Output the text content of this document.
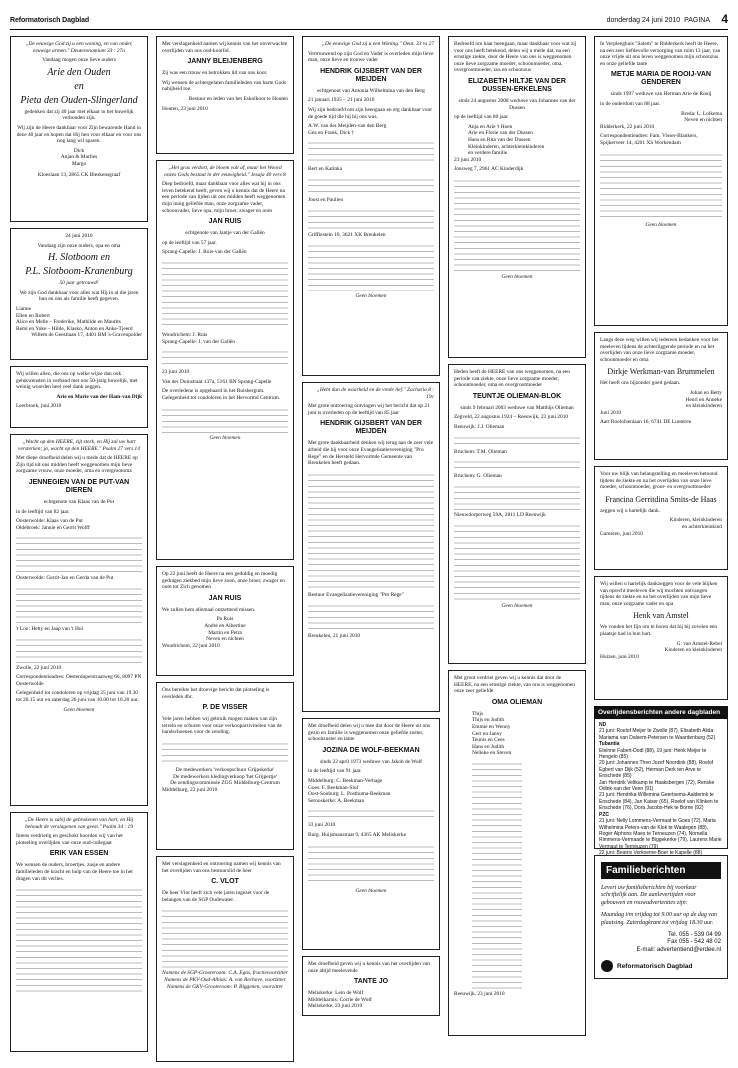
Reformatorisch Dagblad	donderdag 24 juni 2010 PAGINA 4

„De eeuwige God zij u een woning, en van onder, eeuwige armen." Deuteronomium 33 : 27a

Vandaag mogen onze lieve ouders

Arie den Ouden
en
Pieta den Ouden-Slingerland

gedenken dat zij 40 jaar met elkaar in het huwelijk verbonden zijn.

Wij zijn de Heere dankbaar voor Zijn bewarende Hand in deze 40 jaar en hopen dat Hij hen voor elkaar en voor ons nog lang wil sparen.

Dick
Anjan & Marlies
Margo

Kloeslaan 13, 2865 CK Bleskensgraaf

24 juni 2010

Vandaag zijn onze ouders, opa en oma

H. Slotboom en
P.L. Slotboom-Kranenburg

50 jaar getrouwd!

We zijn God dankbaar voor alles wat Hij in al die jaren hun en ons als familie heeft gegeven.

Lianne
Ellen en Robert
Alice en Melle – Frederike, Mathilde en Maurits
Remi en Yoke – Hilde, Klasko, Anton en Anke-Tjeerd

Willem de Geestlaan 17, 4401 BM 's-Gravenpolder

Wij willen allen, die ons op welke wijze dan ook gelukwensten in verband met ons 50-jarig huwelijk, met weinig woorden heel veel dank zeggen.

Arie en Marie van der Ham-van Dijk

Leerbroek, juni 2010

„Wacht op den HEERE, zijt sterk, en Hij zal uw hart versterken; ja, wacht op den HEERE." Psalm 27 vers 14

Met diepe droefheid delen wij u mede dat de HEERE op Zijn tijd uit ons midden heeft weggenomen mijn lieve zorgzame vrouw, onze moeder, oma en overgrootoma

JENNEGIEN VAN DE PUT-VAN DIEREN

echtgenote van Klaas van de Put

in de leeftijd van 82 jaar.

Oosterwolde: Klaas van de Put
Oldebroek: Jannie en Gerrit Wolff
Oosterwolde: Gerrit-Jan en Gerda van de Put
't Loo: Hetty en Jaap van 't Hul

Zwolle, 22 juni 2010

Correspondentieadres: Oesterdoperstraatweg 66, 8097 PN Oosterwolde

Gelegenheid tot condoleren op vrijdag 25 juni van 19.30 tot 20.15 uur en zaterdag 26 juni van 10.00 tot 10.20 uur.

Geen bloemen

„De Heere is sabij de gebrokenen van hart, en Hij behoudt de verslagenen van geest." Psalm 34 : 19

Intens verdrietig en geschokt hoorden wij van het plotseling overlijden van onze oud-collegaat

ERIK VAN ESSEN

We wensen de ouders, broertjes, zusje en andere familieleden de kracht en hulp van de Heere toe in het dragen van dit verlies.

Met verslagenheid namen wij kennis van het onverwachte overlijden van ons oud-koorlid.

JANNY BLEIJENBERG

Zij was een trouw en betrokken lid van ons koor.

Wij wensen de achtergelaten familieleden van harte Gods nabijheid toe.

Bestuur en leden van het Eskolkoor te Houten

Houten, 23 juni 2010

„Het gras verdort, de bloem valt af, maar het Woord onzes Gods bestaat in der eeuwigheid." Jesaja 40 vers 8

Diep bedroefd, maar dankbaar voor alles wat hij in ons leven betekend heeft, geven wij u kennis dat de Heere na een periode van lijden uit ons midden heeft weggenomen mijn innig geliefde man, onze zorgzame vader, schoonvader, lieve opa, mijn broer, zwager en oom

JAN RUIS

echtgenote van Jantje van der Gallën

op de leeftijd van 57 jaar.

Sprang-Capelle: J. Ruis-van der Gallën
Woudrichem: J. Ruis
Sprang-Capelle: J. van der Gallën

23 juni 2010

Van der Duinstraat 137a, 5161 BN Sprang-Capelle

De overledene is opgebaard in het Ruisbergum. Gelegenheid tot condoleren in het Hervormd Centrum.

Geen bloemen

Op 22 juni heeft de Heere na een geduldig en moedig gedragen ziekbed mijn lieve zoon, onze broer, zwager en oom tot Zich genomen

JAN RUIS

We zullen hem allemaal ontzettend missen.

Pa Ruis
André en Albertine
Martin en Petra
Neven en nichten

Woudrichem, 22 juni 2010

Ons bereikte het droevige bericht dat plotseling is overleden dhr.

P. DE VISSER

Vele jaren hebben wij gebruik mogen maken van zijn terrein en schuren voor onze verkoopactiviteiten van de handschoenen voor de zending.

De medewerkers 'verkoopschuur Grijpskerke'
De medewerkers kledingverkoop 'het Grijpertje'
De zendingscommissie ZGG Middelburg-Centrum

Middelburg, 22 juni 2010

Met verslagenheid en ontroering namen wij kennis van het overlijden van ons bestuurslid de heer

C. VLOT

De heer Vlot heeft zich vele jaren ingezet voor de belangen van de SGP Oudewater.

Namens de SGP-Grooteroom: C.A. Egas, fractievoorzitter
Namens de PKV-Oud-Albias: A. van Rechove, voorzitter
Namens de GKV-Grooteroom: P. Blggenen, voorzitter

„De eeuwige God zij u een Woning." Deut. 33 vs 27

Vertrouwend op zijn God en Vader is overleden mijn lieve man, onze lieve en trouwe vader

HENDRIK GIJSBERT VAN DER MEIJDEN

echtgenoot van Antonia Wilhelmina van den Berg

21 januari 1925 – 21 juni 2010

Wij zijn bedroefd om zijn heengaan en erg dankbaar voor de goede tijd die hij bij ons was.

A.W. van der Meijden-van den Berg
Gea en Frank, Dick †
Bert en Katinka
Joost en Paulien

Griffiestein 10, 3621 XK Breukelen

Geen bloemen

„Hebt dan de waarheid en de vrede lief." Zacharia 8 : 19c

Met grote ontroering ontvingen wij het bericht dat op 21 juni is overleden op de leeftijd van 85 jaar

HENDRIK GIJSBERT VAN DER MEIJDEN

Met grote dankbaarheid denken wij terug aan de zeer vele arbeid die hij voor onze Evangelisatievereniging "Pro Rege" en de Hersteld Hervormde Gemeente van Breukelen heeft gedaan.

Bestuur Evangelisatievereniging "Pro Rege"

Breukelen, 21 juni 2010

Met droefheid delen wij u mee dat door de Heere uit ons gezin en familie is weggenomen onze geliefde zuster, schoonzuster en tante

JOZINA DE WOLF-BEEKMAN

sinds 22 april 1973 weduwe van Jakob de Wolf

in de leeftijd van 91 jaar.

Middelburg: C. Beekman-Verhage
Goes: F. Beekman-Slof
Oost-Souburg: L. Posthuma-Beekman
Serooskerke: A. Beekman

33 juni 2010

Burg. Huijsmanstraat 9, 4365 AK Meliskerke

Geen bloemen

Met droefheid geven wij u kennis van het overlijden van onze altijd meelevende

TANTE JO
Meliskerke: Lein de Wolf
Middelharnis: Corrie de Wolf

Meliskerke, 23 juni 2010

Bedroefd om haar heengaan, maar dankbaar voor wat zij voor ons heeft betekend, delen wij u mede dat, na een ernstige ziekte, door de Heere van ons is weggenomen onze lieve zorgzame moeder, schoonmoeder, oma, overgrootmoeder, zus en schoonzus

ELIZABETH HILTJE VAN DER DUSSEN-ERKELENS

sinds 24 augustus 2008 weduwe van Johannes van der Dussen

op de leeftijd van 80 jaar.

Anja en Arie 't Hoen
Arie en Florie van der Dussen
Hans en Rita van der Dussen
Kleinkinderen, achterkleinkinderen
en verdere familie

23 juni 2010

Jonsweg 7, 2961 AC Kinderdijk

Geen bloemen

Heden heeft de HEERE van ons weggenomen, na een periode van ziekte, onze lieve zorgzame moeder, schoonmoeder, oma en overgrootmoeder

TEUNTJE OLIEMAN-BLOK

sinds 9 februari 2003 weduwe van Matthijs Olieman

Zegveld, 22 augustus 1924 – Reeuwijk, 23 juni 2010

Reeuwijk: J.J. Olieman
Bruchem: T.M. Olieman
Bruchem: G. Olieman

Nieuwdorperweg 59A, 2811 LD Reeuwijk

Geen bloemen

Met groot verdriet geven wij u kennis dat door de HEERE, na een ernstige ziekte, van ons is weggenomen onze zeer geliefde

OMA OLIEMAN
Thijs
Thijs en Judith
Emmie en Wenny
Gert en Janny
Teunis en Cees
Hans en Judith
Nelleke en Steven

Reeuwijk, 23 juni 2010

In Verpleeghuis "Salem" te Ridderkerk heeft de Heere, na een zeer liefdevolle verzorging van ruim 13 jaar, van onze vrijde uit ons leven weggenomen mijn schoonzus en onze geliefde tante

METJE MARIA DE ROOIJ-VAN GENDEREN

sinds 1997 weduwe van Herman Arie de Rooij

in de ouderdom van 88 jaar.

Breda: L. Lolkema
Neven en nichten

Ridderkerk, 22 juni 2010

Correspondentieadres: Fam. Visser-Blankers, Spijkerveer 14, 4201 XS Workendam

Geen bloemen

Langs deze weg willen wij iedereen bedanken voor het meeleven tijdens de achterliggende periode en na het overlijden van onze lieve zorgzame moeder, schoonmoeder en oma

Dirkje Werkman-van Brummelen

Het heeft ons bijzonder goed gedaan.

Johan en Betty
Henri en Anneke
en kleinkinderen

Juni 2010

Aart Roelofsenlaan 16, 6741 DE Lunteren

Voor uw blijk van belangstelling en meeleven betoond tijdens de ziekte en na het overlijden van onze lieve moeder, schoonmoeder, groot- en overgrootmoeder

Francina Gerritdina Smits-de Haas

zeggen wij u hartelijk dank.

Kinderen, kleinkinderen
en achterkleinkind

Gameren, juni 2010

Wij willen u hartelijk dankzeggen voor de vele blijken van oprecht meeleven die wij mochten ontvangen tijdens de ziekte en na het overlijden van mijn lieve man, onze zorgzame vader en opa

Henk van Amstel

We vonden het fijn om te horen dat hij bij zovelen een plaatsje had in hun hart.

G. van Amstel-Rebel
Kinderen en kleinkinderen

Huizen, juni 2010

Overlijdensberichten andere dagbladen
ND
21 juni: Roelof Meijer te Zwolle (87), Elisabeth Alida Mariama van Dalsem-Petersen te Waardenburg (52)
Tubantia
Eleinne Fabert-Dodl (88), 19 juni: Henk Meijer te Hengelo (85)
20 juni: Johannes Theo Jozef Noordink (88), Roelof Egbert van Dijk (52), Herman Derk ten Arve te Enschede (85)
Jan Hendrik Veltkamp te Haaksbergen (72), Renske Odink-van der Veen (91)
21 juni: Hendrika Willemina Geertsema-Aalderink te Enschede (84), Jan Kaiser (65), Roelof van Klinken te Enschede (76), Dora Jacobs-Hek te Borne (92)
PZC
21 juni: Nelly Lommens-Vermaat te Goes (72), Maria Wilhelmina Peters-van de Klok te Waalegen (88), Roger Alphons Maes te Terneuzen (74), Nornella Rimmens-Vermaade te Biggekerke (79), Laurens Marie Vermaut te Terneuzen (79)
22 juni: Beatrix Verkoeme-Boer te Kapelle (88)
Familieberichten
Levert uw familieberichten bij voorkeur schriftelijk aan. De aanlevertijden voor gebouwen en rouwadvertenties zijn:
Maandag t/m vrijdag tot 9.00 uur op de dag van plaatsing. Zaterdagkrant tot vrijdag 18.30 uur.
Tel. 055 - 539 04 99
Fax 055 - 542 48 02
E-mail: advertentiend@erdee.nl
Reformatorisch Dagblad
